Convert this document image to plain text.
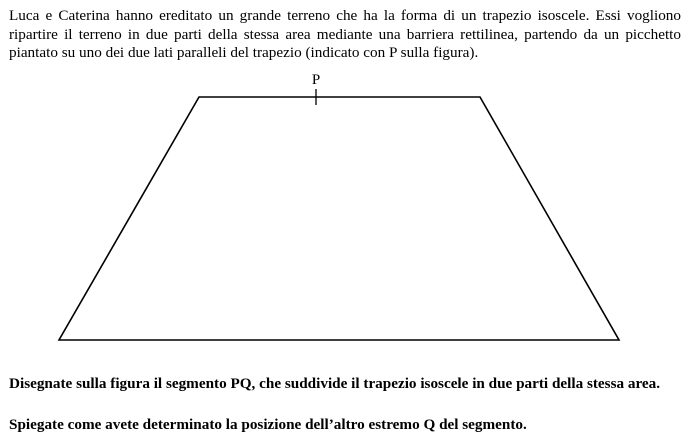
Luca e Caterina hanno ereditato un grande terreno che ha la forma di un trapezio isoscele. Essi vogliono ripartire il terreno in due parti della stessa area mediante una barriera rettilinea, partendo da un picchetto piantato su uno dei due lati paralleli del trapezio (indicato con P sulla figura).

P

Disegnate sulla figura il segmento PQ, che suddivide il trapezio isoscele in due parti della stessa area.

Spiegate come avete determinato la posizione dell’altro estremo Q del segmento.
